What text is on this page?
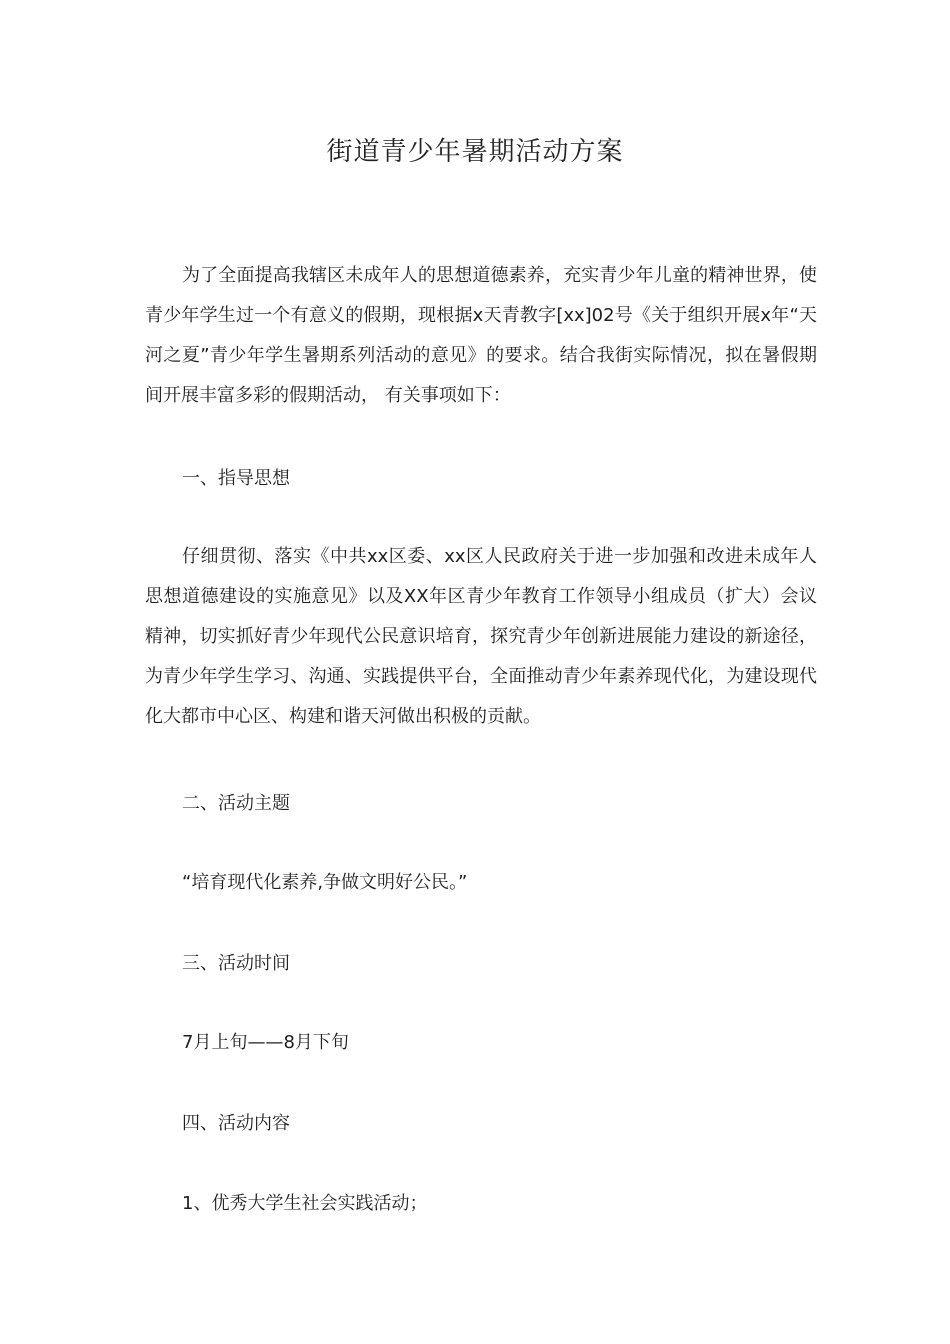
街道青少年暑期活动方案

为了全面提高我辖区未成年人的思想道德素养，充实青少年儿童的精神世界，使青少年学生过一个有意义的假期，现根据x天青教字[xx]02号《关于组织开展x年“天河之夏”青少年学生暑期系列活动的意见》的要求。结合我街实际情况，拟在暑假期间开展丰富多彩的假期活动， 有关事项如下：

一、指导思想

仔细贯彻、落实《中共xx区委、xx区人民政府关于进一步加强和改进未成年人思想道德建设的实施意见》以及XX年区青少年教育工作领导小组成员（扩大）会议精神，切实抓好青少年现代公民意识培育，探究青少年创新进展能力建设的新途径，为青少年学生学习、沟通、实践提供平台，全面推动青少年素养现代化，为建设现代化大都市中心区、构建和谐天河做出积极的贡献。

二、活动主题
“培育现代化素养,争做文明好公民。”
三、活动时间
7月上旬——8月下旬
四、活动内容
1、优秀大学生社会实践活动；
